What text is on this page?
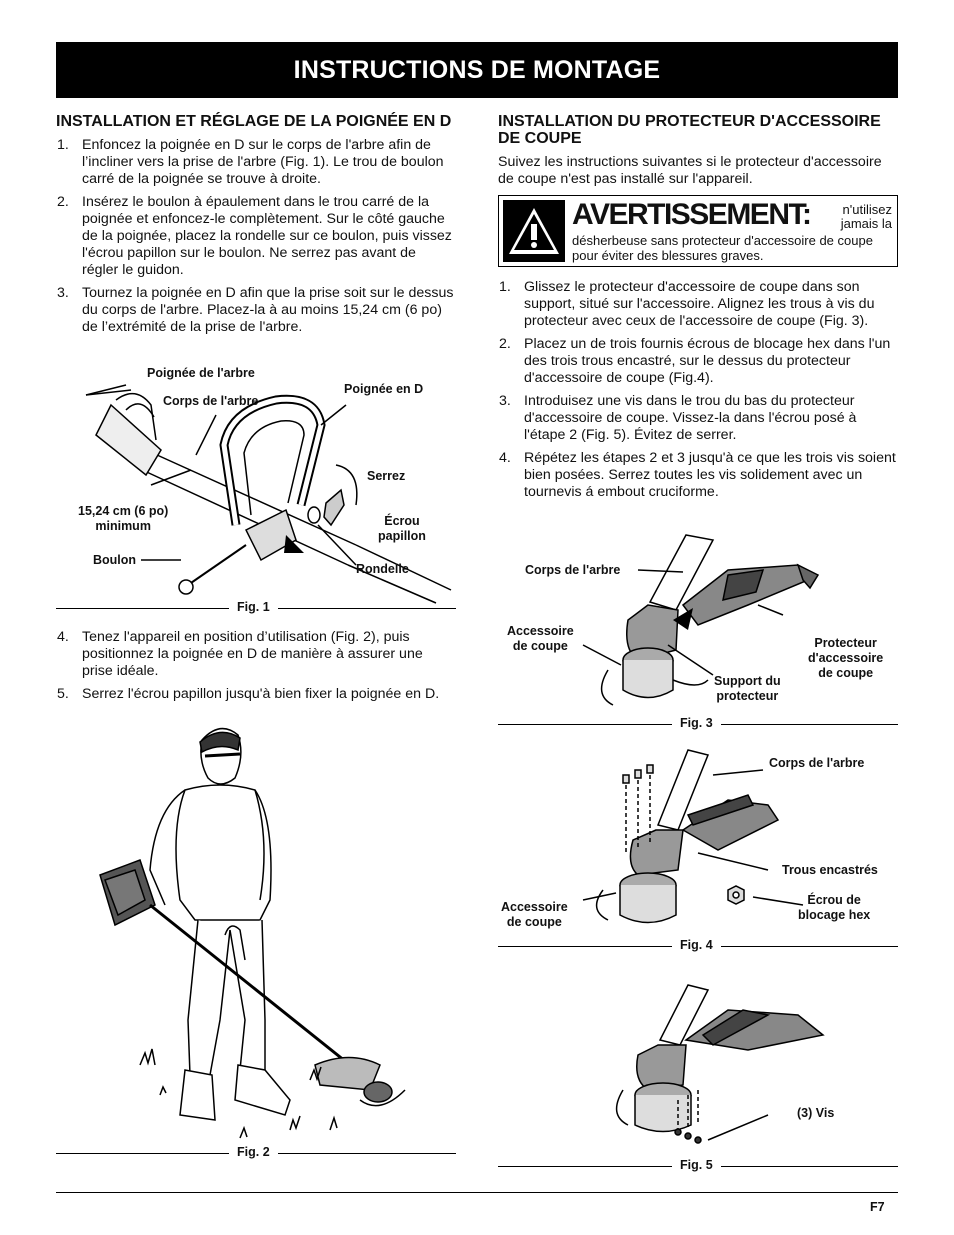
INSTRUCTIONS DE MONTAGE
INSTALLATION ET RÉGLAGE DE LA POIGNÉE EN D
1. Enfoncez la poignée en D sur le corps de l'arbre afin de l’incliner vers la prise de l'arbre (Fig. 1). Le trou de boulon carré de la poignée se trouve à droite.
2. Insérez le boulon à épaulement dans le trou carré de la poignée et enfoncez-le complètement. Sur le côté gauche de la poignée, placez la rondelle sur ce boulon, puis vissez l'écrou papillon sur le boulon. Ne serrez pas avant de régler le guidon.
3. Tournez la poignée en D afin que la prise soit sur le dessus du corps de l'arbre. Placez-la à au moins 15,24 cm (6 po) de l’extrémité de la prise de l'arbre.
Poignée de l'arbre
Corps de l'arbre
Poignée en D
Serrez
15,24 cm (6 po)
minimum	Écrou
papillon
Boulon
Rondelle
Fig. 1
4. Tenez l'appareil en position d’utilisation (Fig. 2), puis positionnez la poignée en D de manière à assurer une prise idéale.
5. Serrez l'écrou papillon jusqu'à bien fixer la poignée en D.
Fig. 2
INSTALLATION DU PROTECTEUR D'ACCESSOIRE DE COUPE

Suivez les instructions suivantes si le protecteur d'accessoire de coupe n'est pas installé sur l'appareil.

AVERTISSEMENT:	n'utilisez jamais la
désherbeuse sans protecteur d'accessoire de coupe pour éviter des blessures graves.
1. Glissez le protecteur d'accessoire de coupe dans son support, situé sur l'accessoire. Alignez les trous à vis du protecteur avec ceux de l'accessoire de coupe (Fig. 3).
2. Placez un de trois fournis écrous de blocage hex dans l'un des trois trous encastré, sur le dessus du protecteur d'accessoire de coupe (Fig.4).
3. Introduisez une vis dans le trou du bas du protecteur d'accessoire de coupe. Vissez-la dans l'écrou posé à l'étape 2 (Fig. 5). Évitez de serrer.
4. Répétez les étapes 2 et 3 jusqu'à ce que les trois vis soient bien posées. Serrez toutes les vis solidement avec un tournevis á embout cruciforme.
Corps de l'arbre
Accessoire
de coupe	Protecteur
d'accessoire
de coupe
Support du
protecteur
Fig. 3
Corps de l'arbre
Trous encastrés
Accessoire
de coupe
Écrou de
blocage hex
Fig. 4
(3) Vis
Fig. 5
F7
